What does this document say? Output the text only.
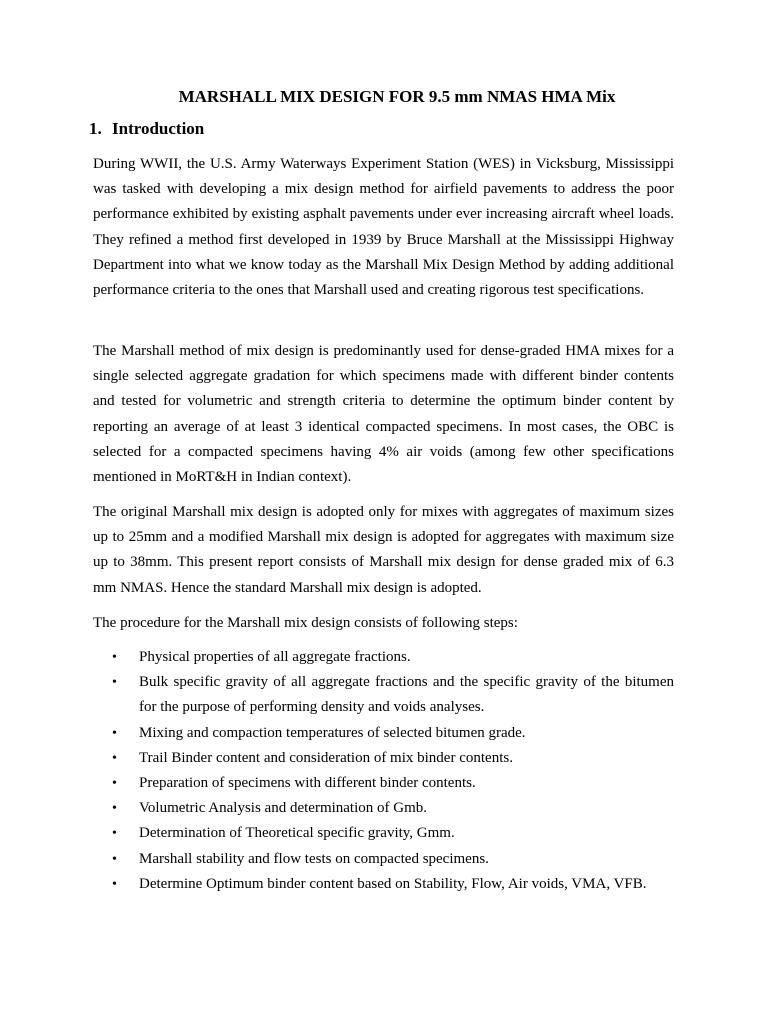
MARSHALL MIX DESIGN FOR 9.5 mm NMAS HMA Mix
1. Introduction

During WWII, the U.S. Army Waterways Experiment Station (WES) in Vicksburg, Mississippi was tasked with developing a mix design method for airfield pavements to address the poor performance exhibited by existing asphalt pavements under ever increasing aircraft wheel loads. They refined a method first developed in 1939 by Bruce Marshall at the Mississippi Highway Department into what we know today as the Marshall Mix Design Method by adding additional performance criteria to the ones that Marshall used and creating rigorous test specifications.

The Marshall method of mix design is predominantly used for dense-graded HMA mixes for a single selected aggregate gradation for which specimens made with different binder contents and tested for volumetric and strength criteria to determine the optimum binder content by reporting an average of at least 3 identical compacted specimens. In most cases, the OBC is selected for a compacted specimens having 4% air voids (among few other specifications mentioned in MoRT&H in Indian context).

The original Marshall mix design is adopted only for mixes with aggregates of maximum sizes up to 25mm and a modified Marshall mix design is adopted for aggregates with maximum size up to 38mm. This present report consists of Marshall mix design for dense graded mix of 6.3 mm NMAS. Hence the standard Marshall mix design is adopted.

The procedure for the Marshall mix design consists of following steps:

• Physical properties of all aggregate fractions.
• Bulk specific gravity of all aggregate fractions and the specific gravity of the bitumen for the purpose of performing density and voids analyses.
• Mixing and compaction temperatures of selected bitumen grade.
• Trail Binder content and consideration of mix binder contents.
• Preparation of specimens with different binder contents.
• Volumetric Analysis and determination of Gmb.
• Determination of Theoretical specific gravity, Gmm.
• Marshall stability and flow tests on compacted specimens.
• Determine Optimum binder content based on Stability, Flow, Air voids, VMA, VFB.
